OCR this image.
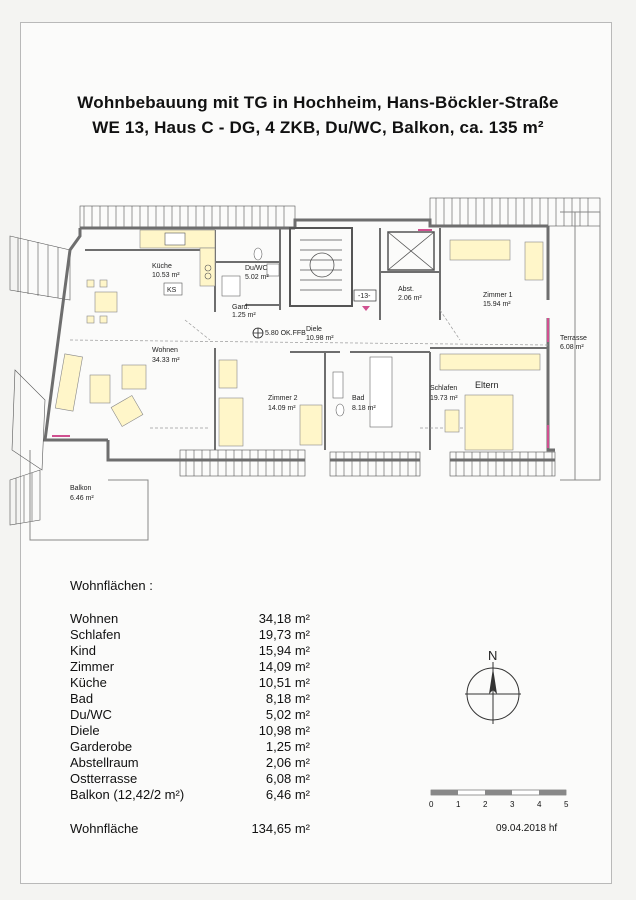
Wohnbebauung mit TG in Hochheim, Hans-Böckler-Straße
WE 13, Haus C - DG, 4 ZKB, Du/WC, Balkon, ca. 135 m²
KS
5.80 OK.FFB
-13-
Küche
10.53 m²
Du/WC
5.02 m²
Gard.
1.25 m²
Abst.
2.06 m²	Zimmer 1
15.94 m²
Terrasse
6.08 m²
Wohnen
34.33 m²
Diele
10.98 m²
Zimmer 2
14.09 m²
Bad
8.18 m²
Schlafen
19.73 m²
Eltern
Balkon
6.46 m²
Wohnflächen :
Wohnen	34,18 m²
Schlafen	19,73 m²
Kind	15,94 m²
Zimmer	14,09 m²
Küche	10,51 m²
Bad	8,18 m²
Du/WC	5,02 m²
Diele	10,98 m²
Garderobe	1,25 m²
Abstellraum	2,06 m²
Ostterrasse	6,08 m²
Balkon (12,42/2 m²)	6,46 m²
Wohnfläche	134,65 m²
N
0	1	2	3	4	5
09.04.2018 hf
